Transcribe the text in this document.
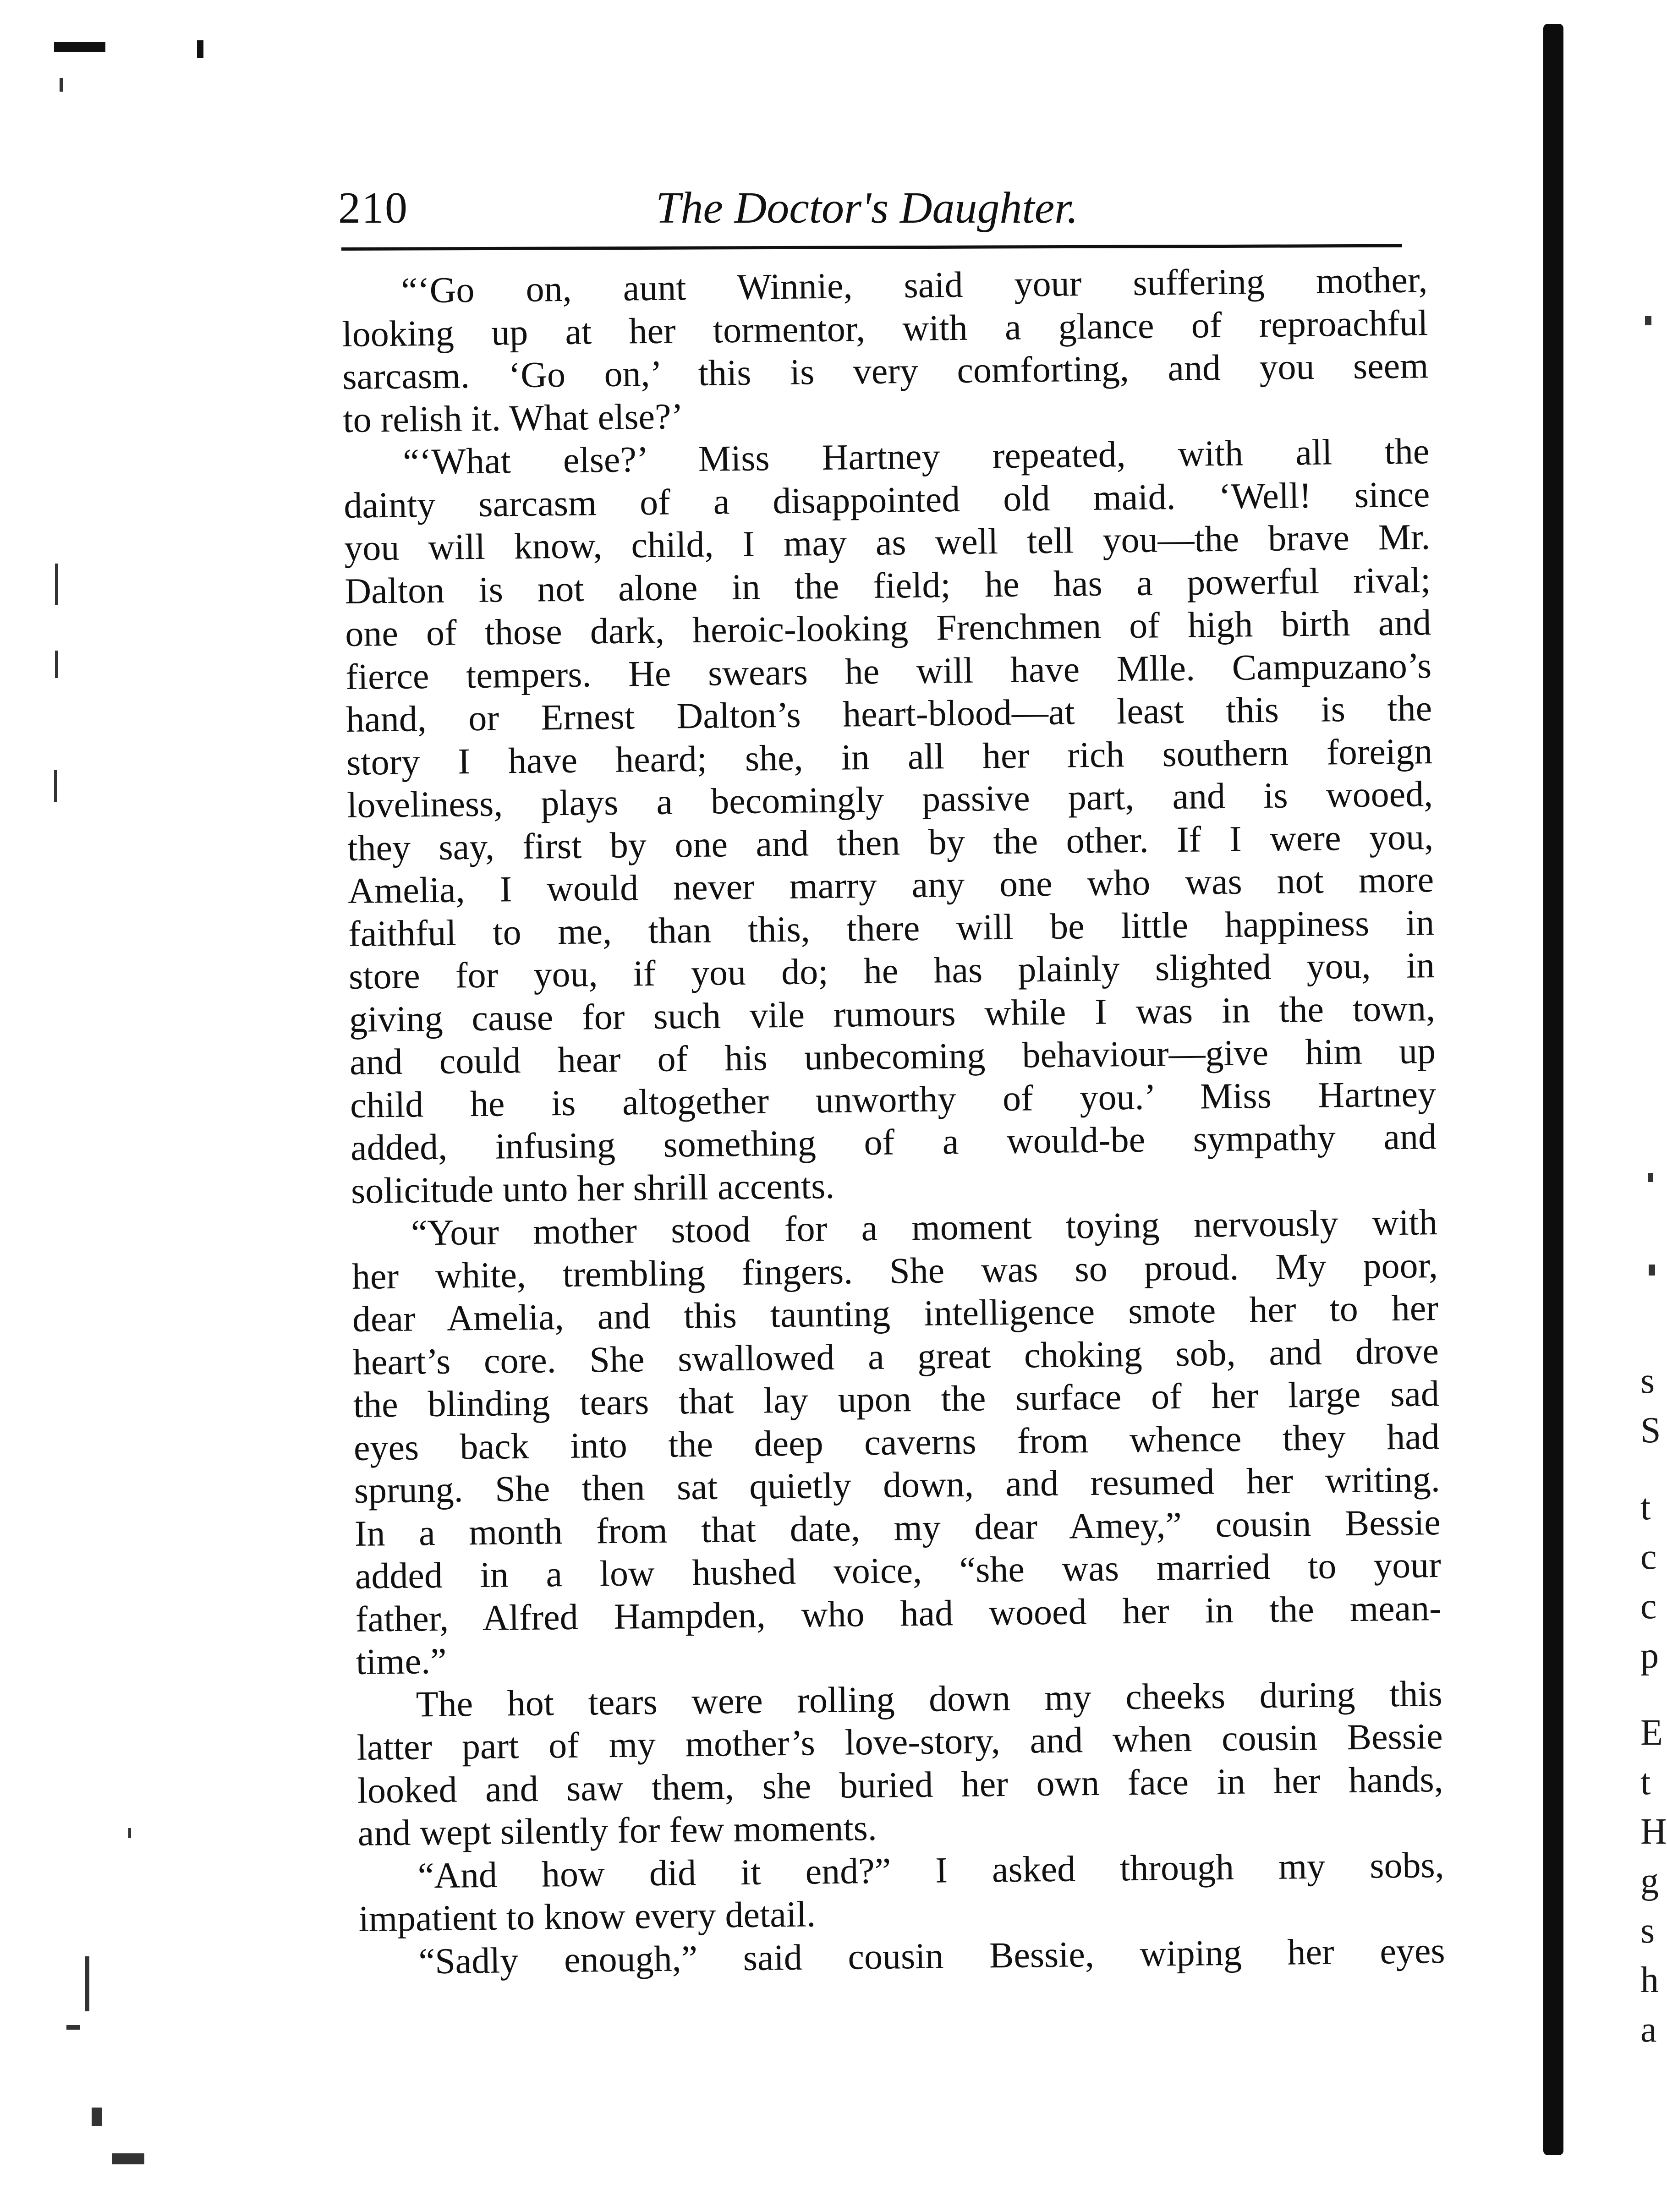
s
S
t
c
c
p
E
t
H
g
s
h
a
210	The Doctor's Daughter.
“‘Go on, aunt Winnie, said your suffering mother,
looking up at her tormentor, with a glance of reproachful
sarcasm. ‘Go on,’ this is very comforting, and you seem
to relish it. What else?’
“‘What else?’ Miss Hartney repeated, with all the
dainty sarcasm of a disappointed old maid. ‘Well! since
you will know, child, I may as well tell you—the brave Mr.
Dalton is not alone in the field; he has a powerful rival;
one of those dark, heroic-looking Frenchmen of high birth and
fierce tempers. He swears he will have Mlle. Campuzano’s
hand, or Ernest Dalton’s heart-blood—at least this is the
story I have heard; she, in all her rich southern foreign
loveliness, plays a becomingly passive part, and is wooed,
they say, first by one and then by the other. If I were you,
Amelia, I would never marry any one who was not more
faithful to me, than this, there will be little happiness in
store for you, if you do; he has plainly slighted you, in
giving cause for such vile rumours while I was in the town,
and could hear of his unbecoming behaviour—give him up
child he is altogether unworthy of you.’ Miss Hartney
added, infusing something of a would-be sympathy and
solicitude unto her shrill accents.
“Your mother stood for a moment toying nervously with
her white, trembling fingers. She was so proud. My poor,
dear Amelia, and this taunting intelligence smote her to her
heart’s core. She swallowed a great choking sob, and drove
the blinding tears that lay upon the surface of her large sad
eyes back into the deep caverns from whence they had
sprung. She then sat quietly down, and resumed her writing.
In a month from that date, my dear Amey,” cousin Bessie
added in a low hushed voice, “she was married to your
father, Alfred Hampden, who had wooed her in the mean-
time.”
The hot tears were rolling down my cheeks during this
latter part of my mother’s love-story, and when cousin Bessie
looked and saw them, she buried her own face in her hands,
and wept silently for few moments.
“And how did it end?” I asked through my sobs,
impatient to know every detail.
“Sadly enough,” said cousin Bessie, wiping her eyes
